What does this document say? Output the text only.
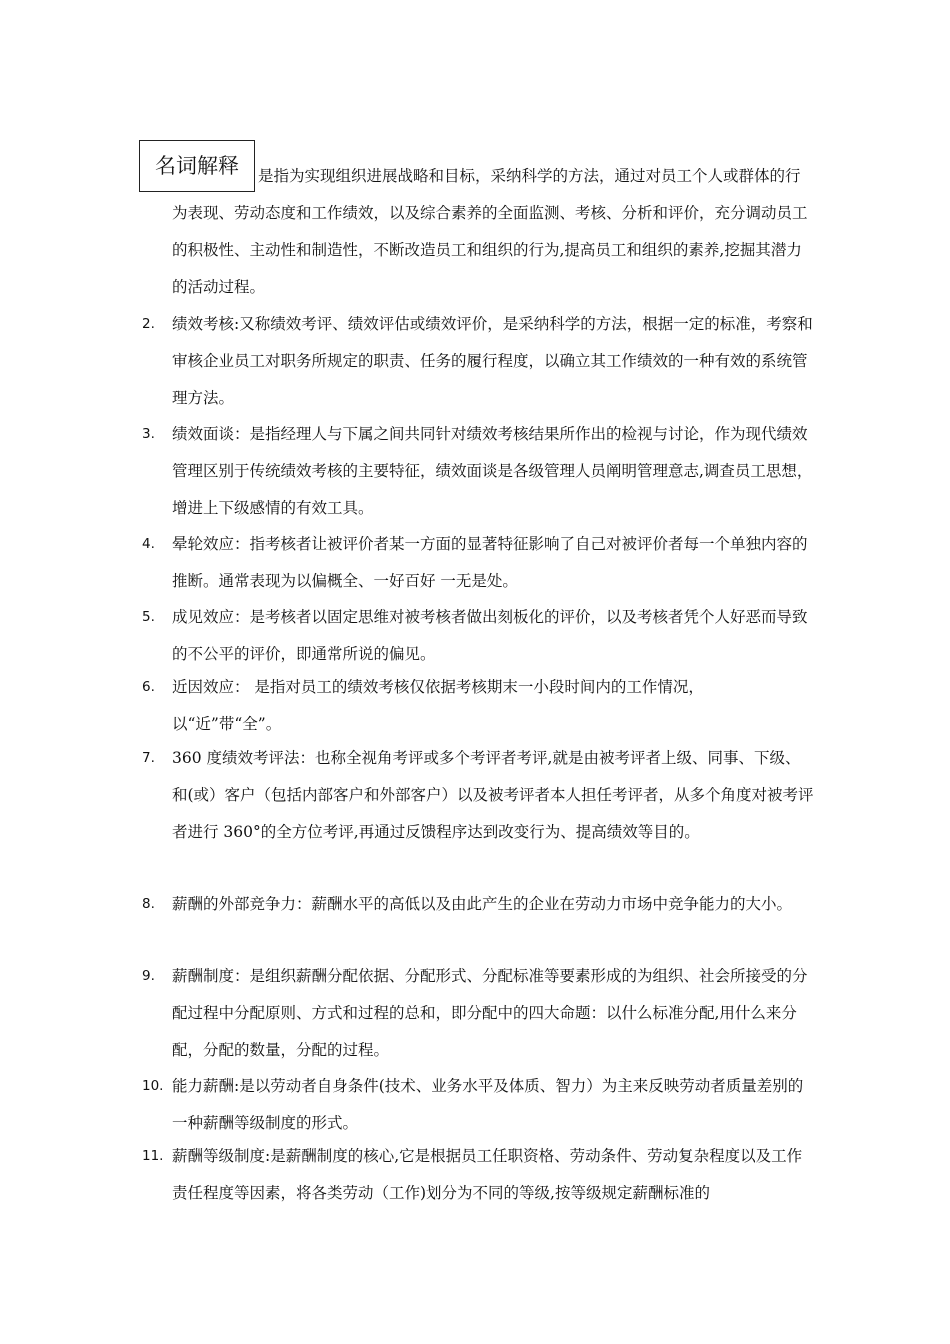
是指为实现组织进展战略和目标，采纳科学的方法，通过对员工个人或群体的行为表现、劳动态度和工作绩效，以及综合素养的全面监测、考核、分析和评价，充分调动员工的积极性、主动性和制造性，不断改造员工和组织的行为,提高员工和组织的素养,挖掘其潜力的活动过程。
名词解释
2.	绩效考核:又称绩效考评、绩效评估或绩效评价，是采纳科学的方法，根据一定的标准，考察和审核企业员工对职务所规定的职责、任务的履行程度，以确立其工作绩效的一种有效的系统管理方法。
3.	绩效面谈：是指经理人与下属之间共同针对绩效考核结果所作出的检视与讨论，作为现代绩效管理区别于传统绩效考核的主要特征，绩效面谈是各级管理人员阐明管理意志,调查员工思想，增进上下级感情的有效工具。
4.	晕轮效应：指考核者让被评价者某一方面的显著特征影响了自己对被评价者每一个单独内容的推断。通常表现为以偏概全、一好百好 一无是处。
5.	成见效应：是考核者以固定思维对被考核者做出刻板化的评价，以及考核者凭个人好恶而导致的不公平的评价，即通常所说的偏见。
6.	近因效应： 是指对员工的绩效考核仅依据考核期末一小段时间内的工作情况， 以“近”带“全”。
7.	360 度绩效考评法：也称全视角考评或多个考评者考评,就是由被考评者上级、同事、下级、和(或）客户（包括内部客户和外部客户）以及被考评者本人担任考评者，从多个角度对被考评者进行 360°的全方位考评,再通过反馈程序达到改变行为、提高绩效等目的。
8.	薪酬的外部竞争力：薪酬水平的高低以及由此产生的企业在劳动力市场中竞争能力的大小。
9.	薪酬制度：是组织薪酬分配依据、分配形式、分配标准等要素形成的为组织、社会所接受的分配过程中分配原则、方式和过程的总和，即分配中的四大命题：以什么标准分配,用什么来分配，分配的数量，分配的过程。
10. 能力薪酬:是以劳动者自身条件(技术、业务水平及体质、智力）为主来反映劳动者质量差别的一种薪酬等级制度的形式。
11. 薪酬等级制度:是薪酬制度的核心,它是根据员工任职资格、劳动条件、劳动复杂程度以及工作责任程度等因素，将各类劳动（工作)划分为不同的等级,按等级规定薪酬标准的
